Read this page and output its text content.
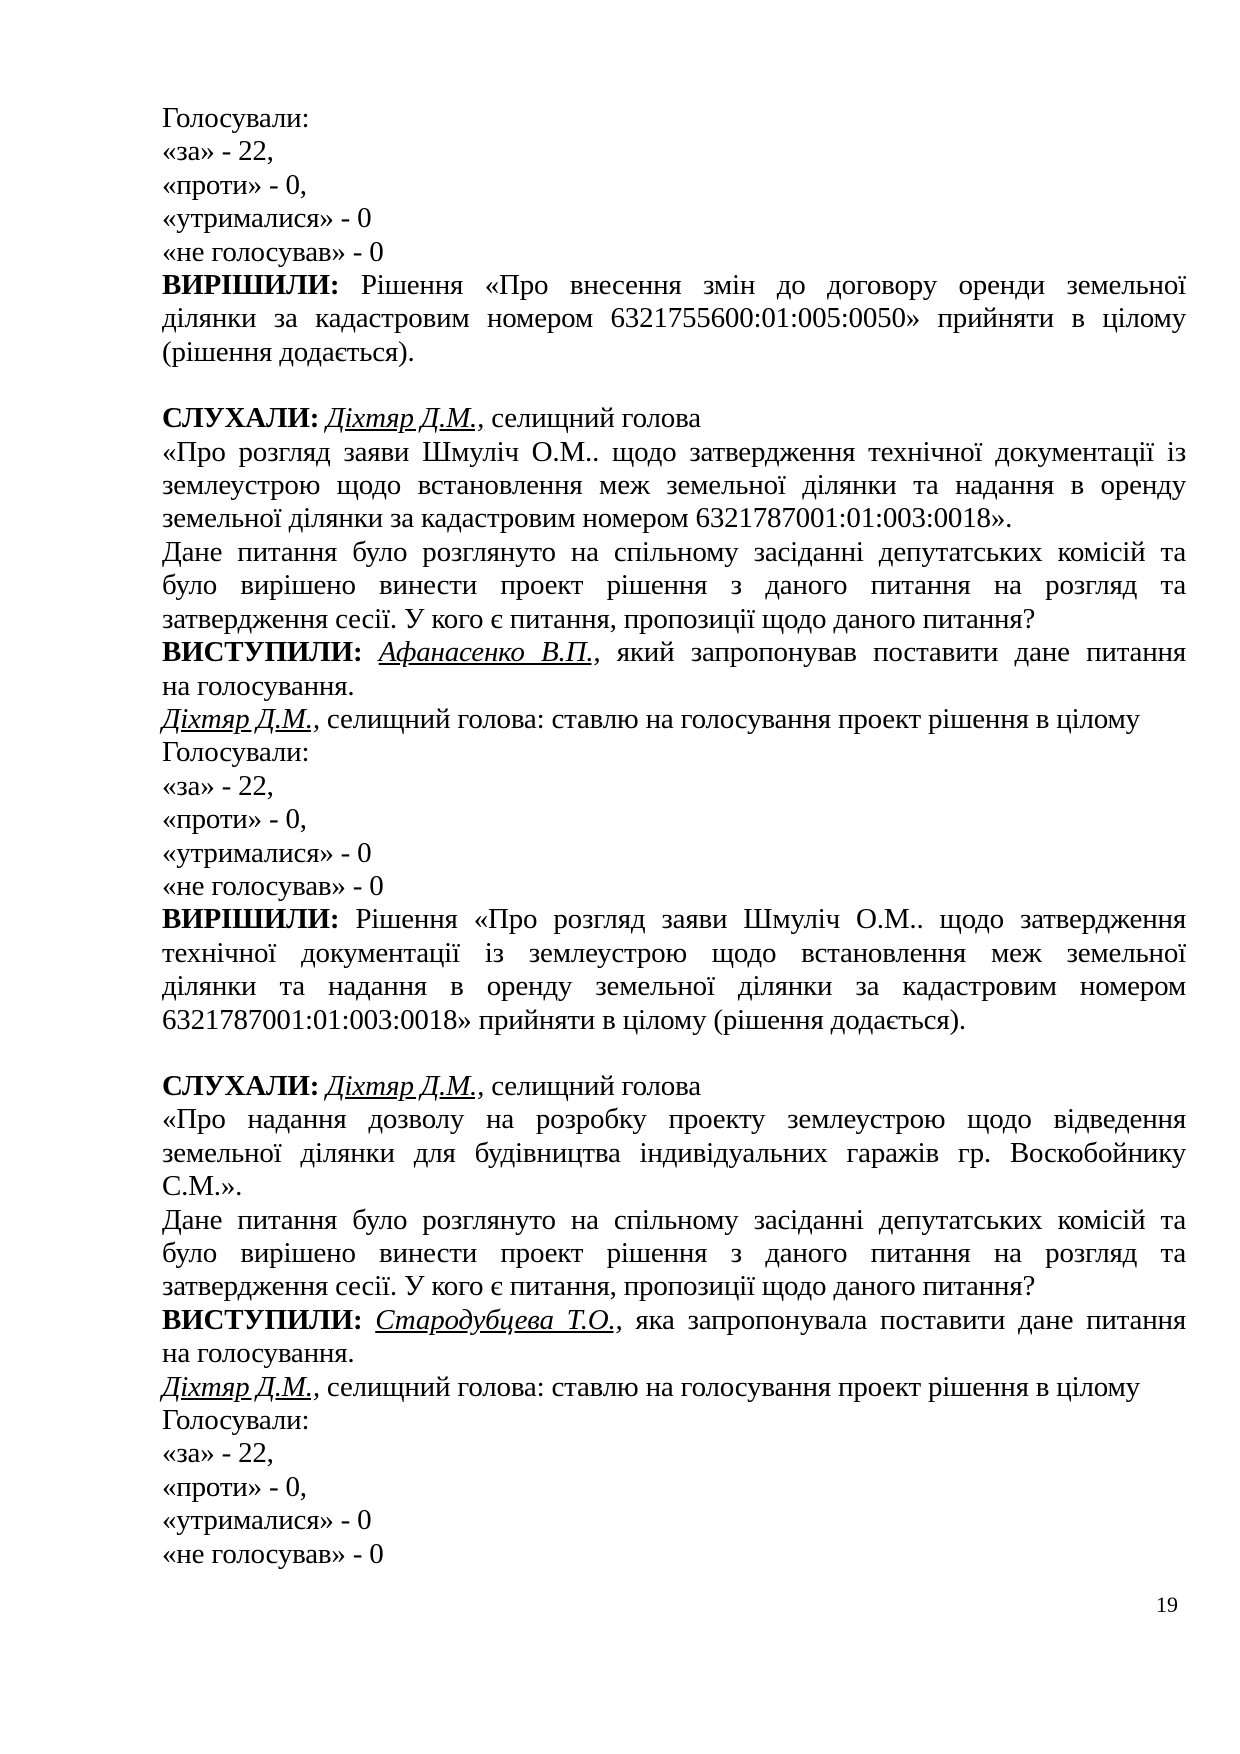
Голосували:
«за» - 22,
«проти» - 0,
«утрималися» - 0
«не голосував» - 0
ВИРІШИЛИ: Рішення «Про внесення змін до договору оренди земельної
ділянки за кадастровим номером 6321755600:01:005:0050» прийняти в цілому
(рішення додається).
СЛУХАЛИ: Діхтяр Д.М., селищний голова
«Про розгляд заяви Шмуліч О.М.. щодо затвердження технічної документації із
землеустрою щодо встановлення меж земельної ділянки та надання в оренду
земельної ділянки за кадастровим номером 6321787001:01:003:0018».
Дане питання було розглянуто на спільному засіданні депутатських комісій та
було вирішено винести проект рішення з даного питання на розгляд та
затвердження сесії. У кого є питання, пропозиції щодо даного питання?
ВИСТУПИЛИ: Афанасенко В.П., який запропонував поставити дане питання
на голосування.
Діхтяр Д.М., селищний голова: ставлю на голосування проект рішення в цілому
Голосували:
«за» - 22,
«проти» - 0,
«утрималися» - 0
«не голосував» - 0
ВИРІШИЛИ: Рішення «Про розгляд заяви Шмуліч О.М.. щодо затвердження
технічної документації із землеустрою щодо встановлення меж земельної
ділянки та надання в оренду земельної ділянки за кадастровим номером
6321787001:01:003:0018» прийняти в цілому (рішення додається).
СЛУХАЛИ: Діхтяр Д.М., селищний голова
«Про надання дозволу на розробку проекту землеустрою щодо відведення
земельної ділянки для будівництва індивідуальних гаражів гр. Воскобойнику
С.М.».
Дане питання було розглянуто на спільному засіданні депутатських комісій та
було вирішено винести проект рішення з даного питання на розгляд та
затвердження сесії. У кого є питання, пропозиції щодо даного питання?
ВИСТУПИЛИ: Стародубцева Т.О., яка запропонувала поставити дане питання
на голосування.
Діхтяр Д.М., селищний голова: ставлю на голосування проект рішення в цілому
Голосували:
«за» - 22,
«проти» - 0,
«утрималися» - 0
«не голосував» - 0
19
